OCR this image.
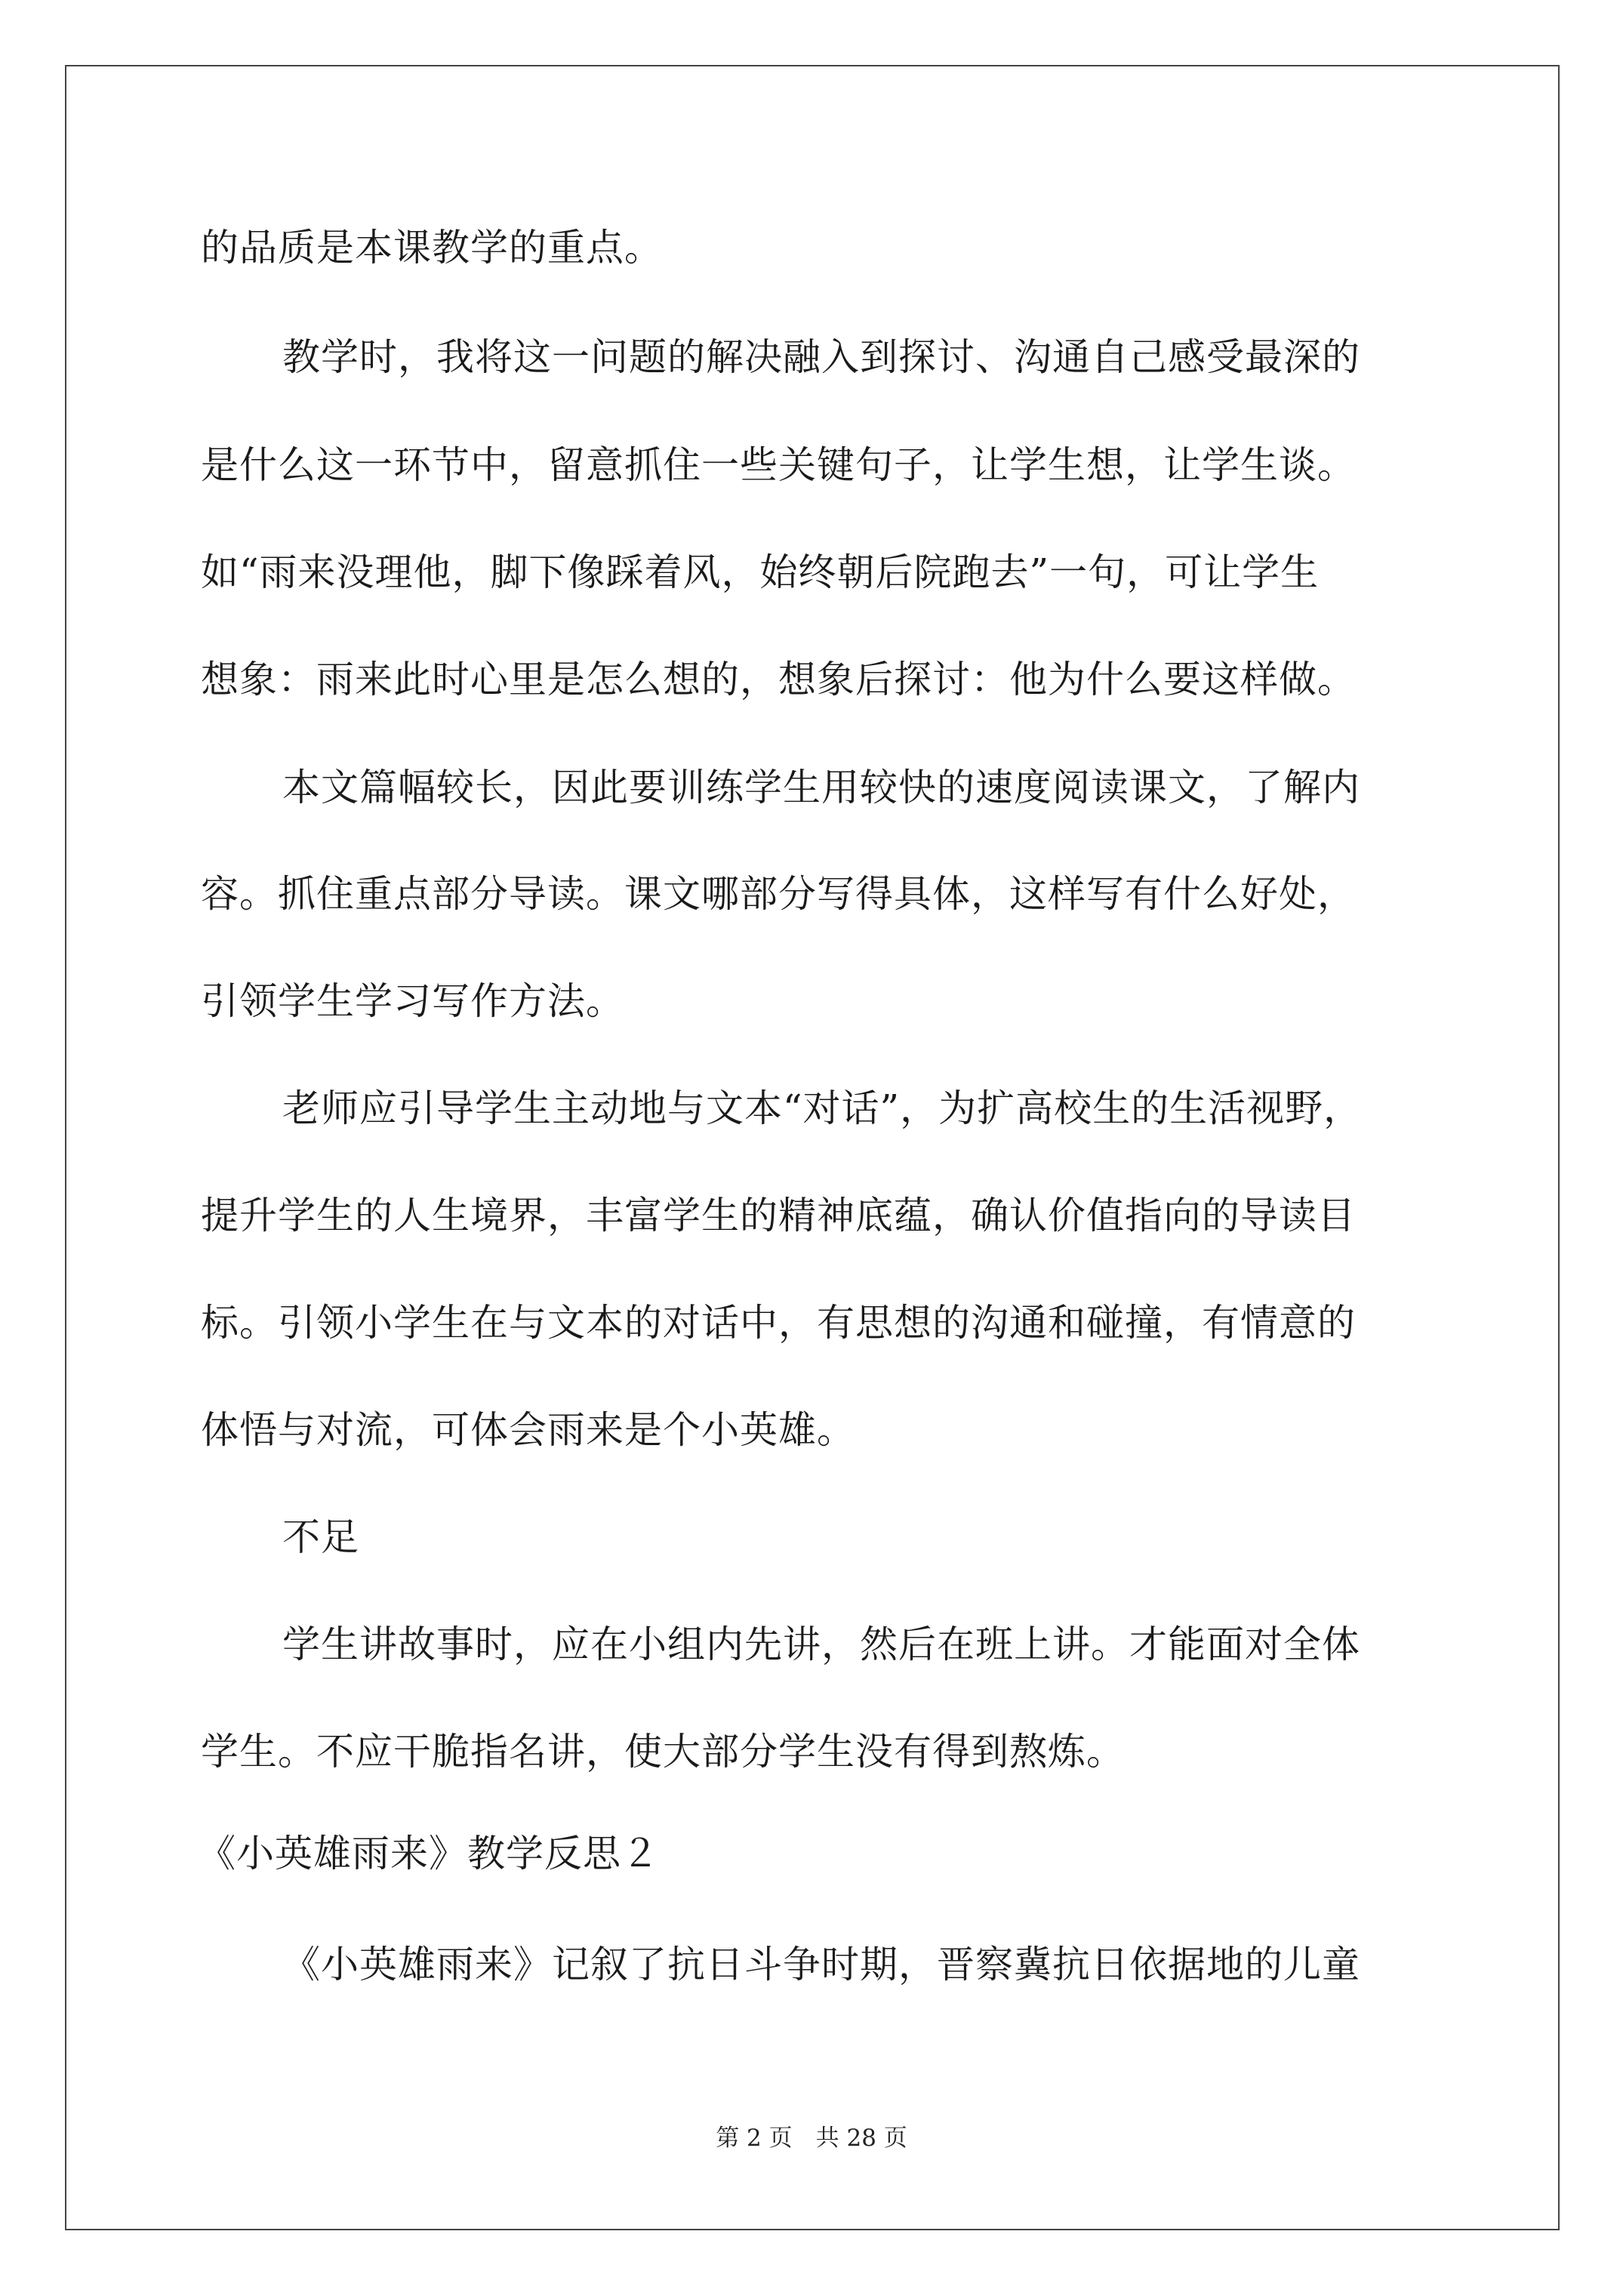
的品质是本课教学的重点。
教学时，我将这一问题的解决融入到探讨、沟通自己感受最深的
是什么这一环节中，留意抓住一些关键句子，让学生想，让学生谈。
如“雨来没理他，脚下像踩着风，始终朝后院跑去”一句，可让学生
想象：雨来此时心里是怎么想的，想象后探讨：他为什么要这样做。
本文篇幅较长，因此要训练学生用较快的速度阅读课文，了解内
容。抓住重点部分导读。课文哪部分写得具体，这样写有什么好处，
引领学生学习写作方法。
老师应引导学生主动地与文本“对话”，为扩高校生的生活视野，
提升学生的人生境界，丰富学生的精神底蕴，确认价值指向的导读目
标。引领小学生在与文本的对话中，有思想的沟通和碰撞，有情意的
体悟与对流，可体会雨来是个小英雄。
不足
学生讲故事时，应在小组内先讲，然后在班上讲。才能面对全体
学生。不应干脆指名讲，使大部分学生没有得到熬炼。
《小英雄雨来》教学反思２
《小英雄雨来》记叙了抗日斗争时期，晋察冀抗日依据地的儿童
第 2 页　共 28 页
